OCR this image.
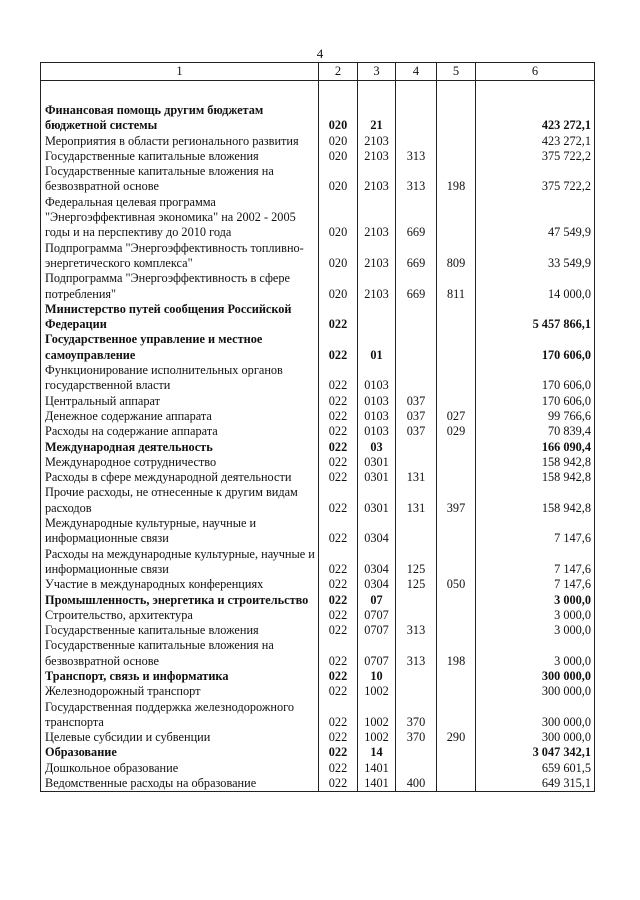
4
1	2	3	4	5	6

Финансовая помощь другим бюджетам бюджетной системы	020	21			423 272,1
Мероприятия в области регионального развития	020	2103			423 272,1
Государственные капитальные вложения	020	2103	313		375 722,2
Государственные капитальные вложения на безвозвратной основе	020	2103	313	198	375 722,2
Федеральная целевая программа "Энергоэффективная экономика" на 2002 - 2005 годы и на перспективу до 2010 года	020	2103	669		47 549,9
Подпрограмма "Энергоэффективность топливно-энергетического комплекса"	020	2103	669	809	33 549,9
Подпрограмма "Энергоэффективность в сфере потребления"	020	2103	669	811	14 000,0
Министерство путей сообщения Российской Федерации	022				5 457 866,1
Государственное управление и местное самоуправление	022	01			170 606,0
Функционирование исполнительных органов государственной власти	022	0103			170 606,0
Центральный аппарат	022	0103	037		170 606,0
Денежное содержание аппарата	022	0103	037	027	99 766,6
Расходы на содержание аппарата	022	0103	037	029	70 839,4
Международная деятельность	022	03			166 090,4
Международное сотрудничество	022	0301			158 942,8
Расходы в сфере международной деятельности	022	0301	131		158 942,8
Прочие расходы, не отнесенные к другим видам расходов	022	0301	131	397	158 942,8
Международные культурные, научные и информационные связи	022	0304			7 147,6
Расходы на международные культурные, научные и информационные связи	022	0304	125		7 147,6
Участие в международных конференциях	022	0304	125	050	7 147,6
Промышленность, энергетика и строительство	022	07			3 000,0
Строительство, архитектура	022	0707			3 000,0
Государственные капитальные вложения	022	0707	313		3 000,0
Государственные капитальные вложения на безвозвратной основе	022	0707	313	198	3 000,0
Транспорт, связь и информатика	022	10			300 000,0
Железнодорожный транспорт	022	1002			300 000,0
Государственная поддержка железнодорожного транспорта	022	1002	370		300 000,0
Целевые субсидии и субвенции	022	1002	370	290	300 000,0
Образование	022	14			3 047 342,1
Дошкольное образование	022	1401			659 601,5
Ведомственные расходы на образование	022	1401	400		649 315,1
